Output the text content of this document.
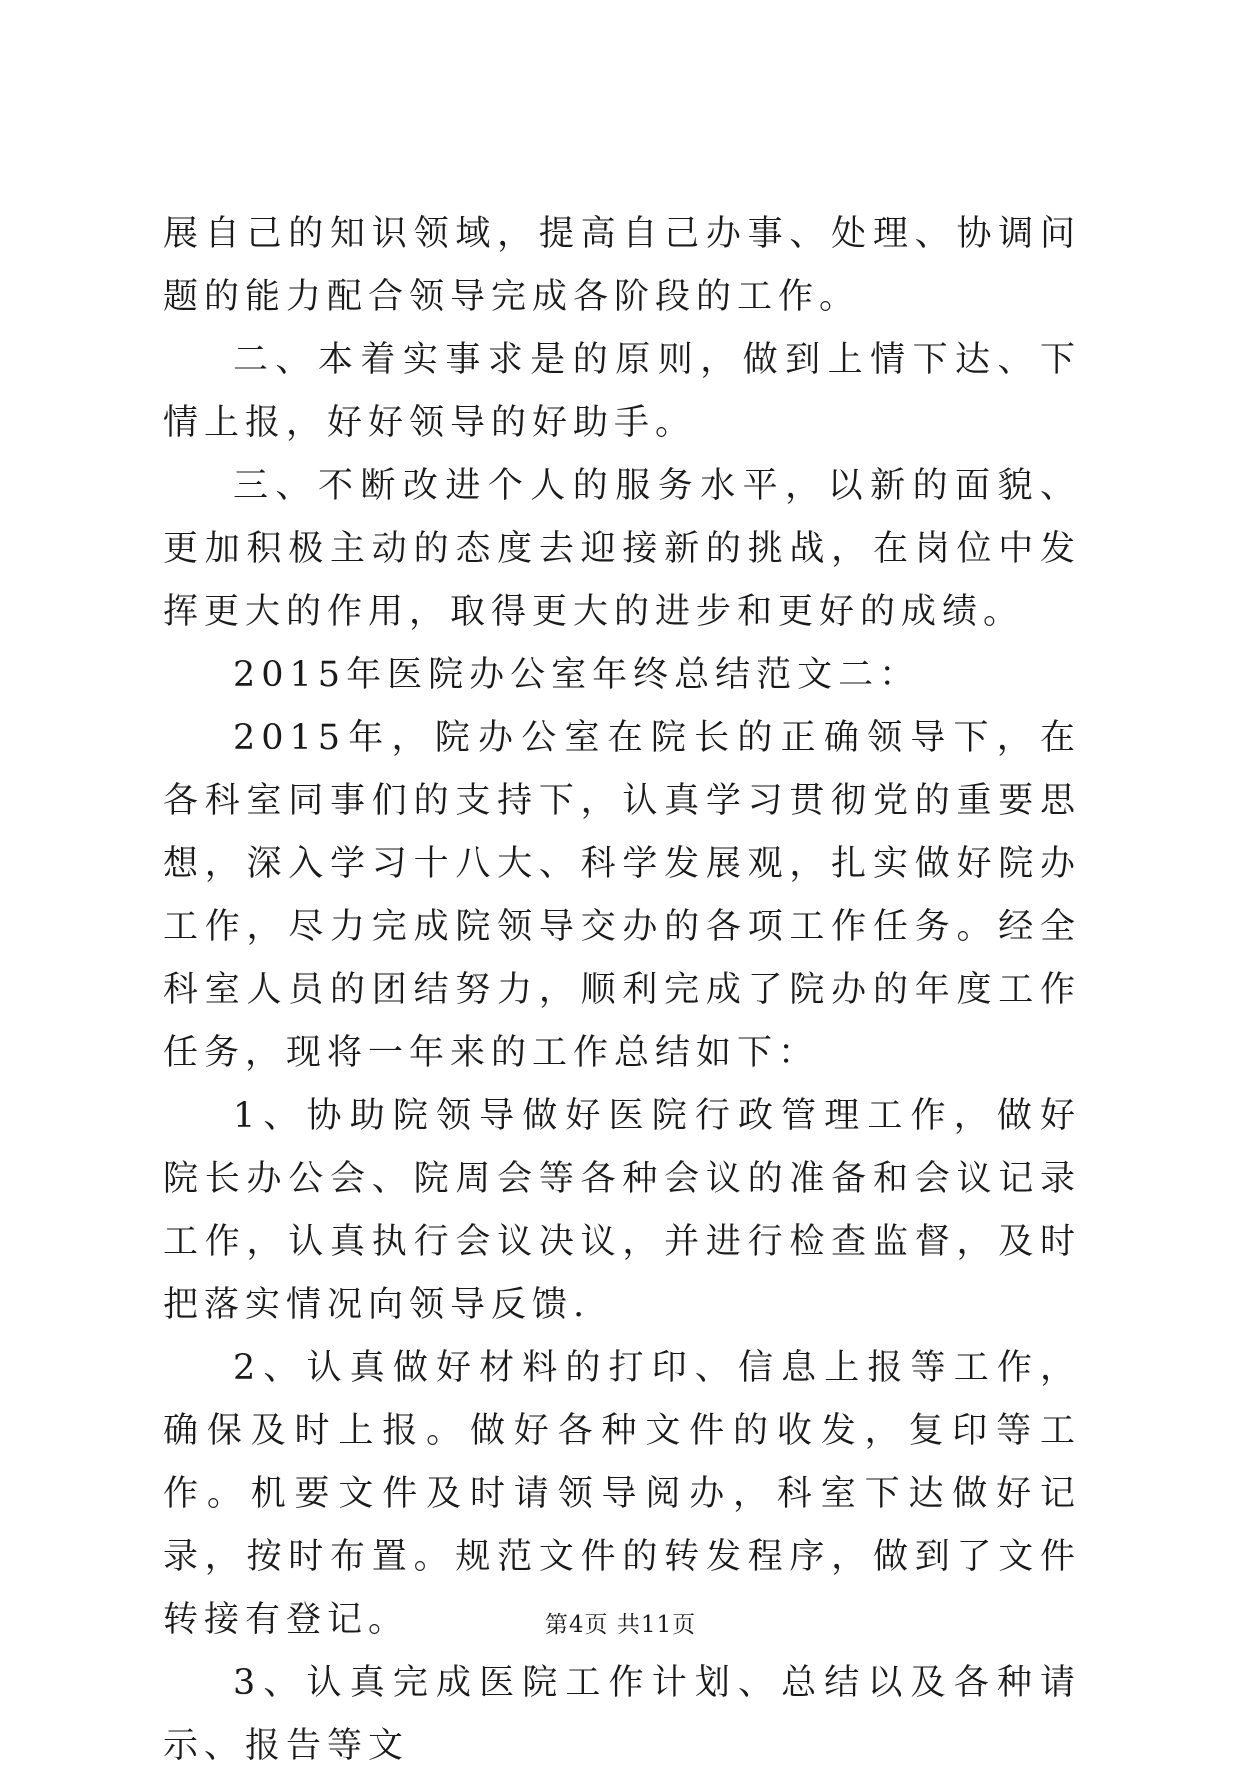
展自己的知识领域，提高自己办事、处理、协调问题的能力配合领导完成各阶段的工作。

二、本着实事求是的原则，做到上情下达、下情上报，好好领导的好助手。

三、不断改进个人的服务水平，以新的面貌、更加积极主动的态度去迎接新的挑战，在岗位中发挥更大的作用，取得更大的进步和更好的成绩。

2015年医院办公室年终总结范文二：

2015年，院办公室在院长的正确领导下，在各科室同事们的支持下，认真学习贯彻党的重要思想，深入学习十八大、科学发展观，扎实做好院办工作，尽力完成院领导交办的各项工作任务。经全科室人员的团结努力，顺利完成了院办的年度工作任务，现将一年来的工作总结如下：

1、协助院领导做好医院行政管理工作，做好院长办公会、院周会等各种会议的准备和会议记录工作，认真执行会议决议，并进行检查监督，及时把落实情况向领导反馈.

2、认真做好材料的打印、信息上报等工作，确保及时上报。做好各种文件的收发，复印等工作。机要文件及时请领导阅办，科室下达做好记录，按时布置。规范文件的转发程序，做到了文件转接有登记。

3、认真完成医院工作计划、总结以及各种请示、报告等文

第4页 共11页
